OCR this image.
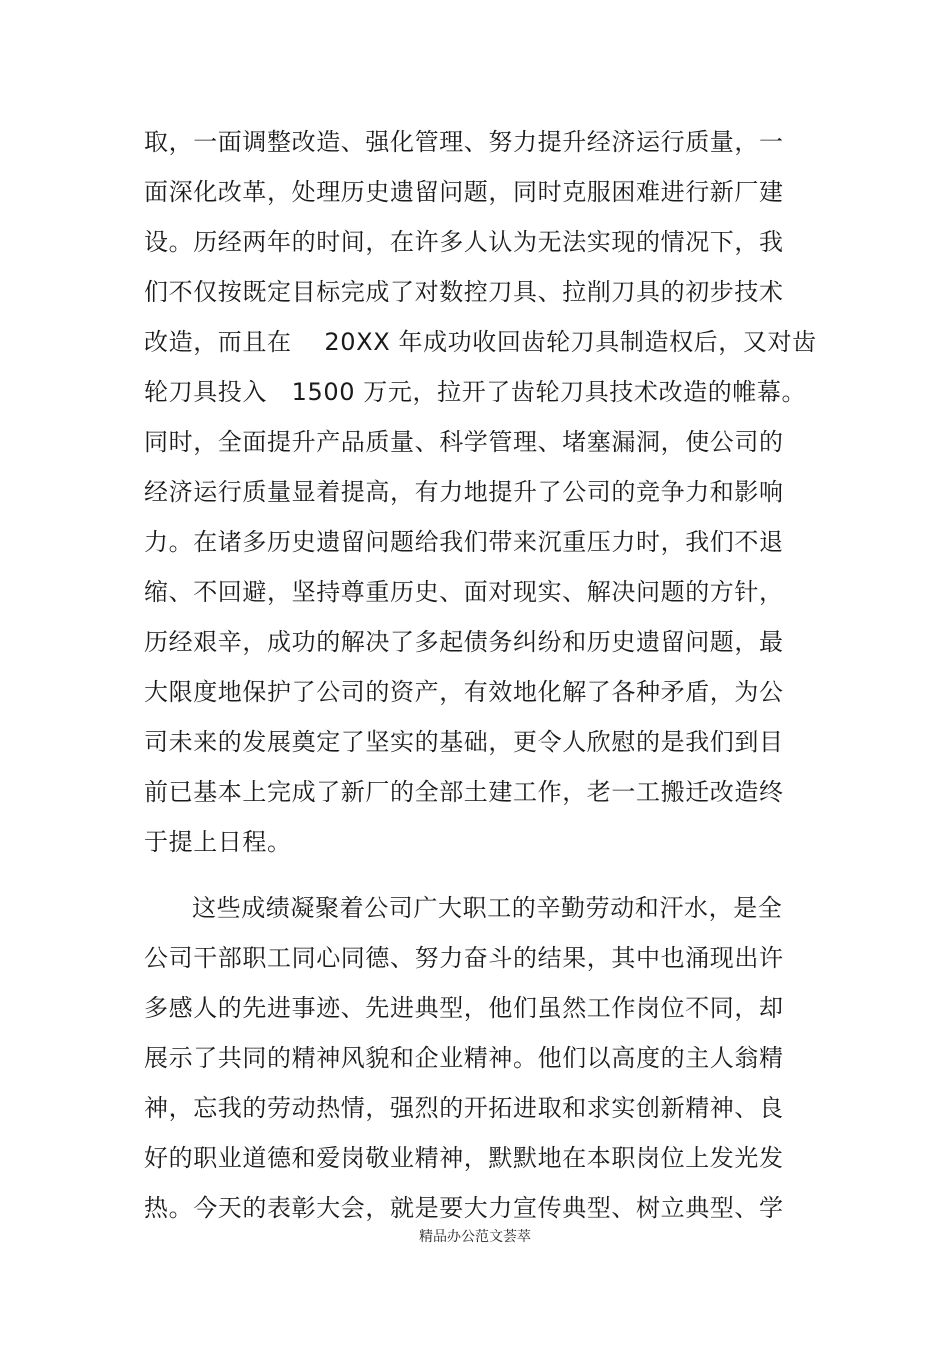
取，一面调整改造、强化管理、努力提升经济运行质量，一
面深化改革，处理历史遗留问题，同时克服困难进行新厂建
设。历经两年的时间，在许多人认为无法实现的情况下，我
们不仅按既定目标完成了对数控刀具、拉削刀具的初步技术
改造，而且在　 20XX 年成功收回齿轮刀具制造权后，又对齿
轮刀具投入　1500 万元，拉开了齿轮刀具技术改造的帷幕。
同时，全面提升产品质量、科学管理、堵塞漏洞，使公司的
经济运行质量显着提高，有力地提升了公司的竞争力和影响
力。在诸多历史遗留问题给我们带来沉重压力时，我们不退
缩、不回避，坚持尊重历史、面对现实、解决问题的方针，
历经艰辛，成功的解决了多起债务纠纷和历史遗留问题，最
大限度地保护了公司的资产，有效地化解了各种矛盾，为公
司未来的发展奠定了坚实的基础，更令人欣慰的是我们到目
前已基本上完成了新厂的全部土建工作，老一工搬迁改造终
于提上日程。
这些成绩凝聚着公司广大职工的辛勤劳动和汗水，是全
公司干部职工同心同德、努力奋斗的结果，其中也涌现出许
多感人的先进事迹、先进典型，他们虽然工作岗位不同，却
展示了共同的精神风貌和企业精神。他们以高度的主人翁精
神，忘我的劳动热情，强烈的开拓进取和求实创新精神、良
好的职业道德和爱岗敬业精神，默默地在本职岗位上发光发
热。今天的表彰大会，就是要大力宣传典型、树立典型、学
精品办公范文荟萃
